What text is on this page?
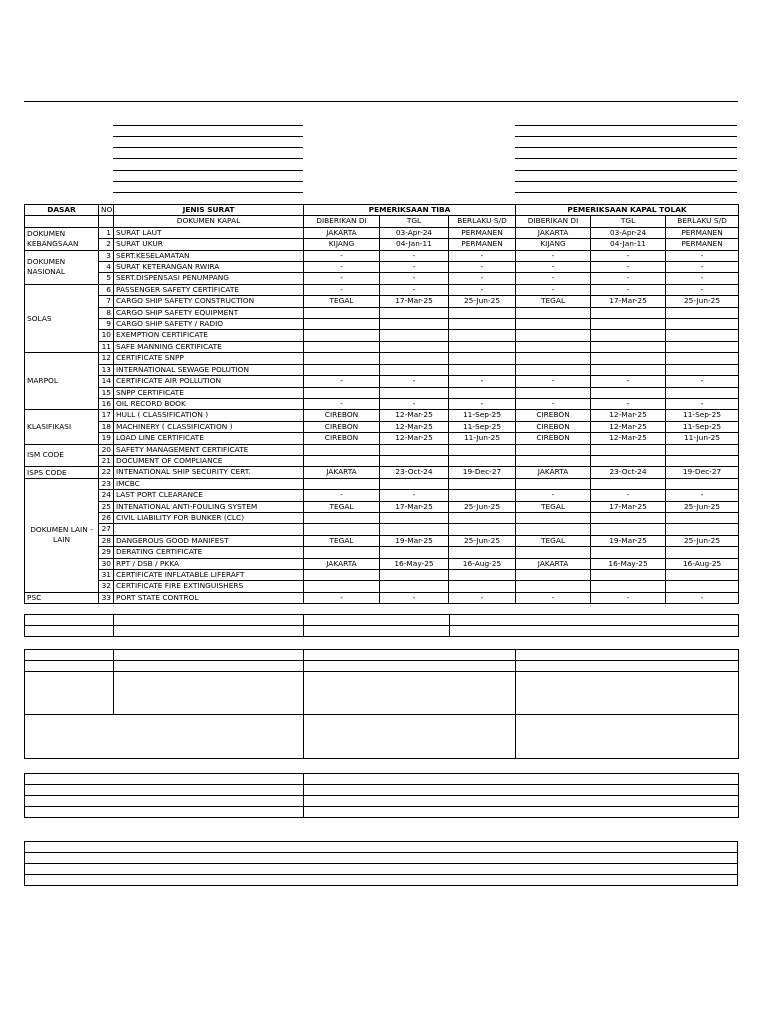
DASAR	NO	JENIS SURAT	PEMERIKSAAN TIBA			PEMERIKSAAN KAPAL TOLAK		
		DOKUMEN KAPAL	DIBERIKAN DI	TGL	BERLAKU S/D	DIBERIKAN DI	TGL	BERLAKU S/D

DOKUMEN
KEBANGSAAN	1	SURAT LAUT	JAKARTA	03-Apr-24	PERMANEN	JAKARTA	03-Apr-24	PERMANEN
	2	SURAT UKUR	KIJANG	04-Jan-11	PERMANEN	KIJANG	04-Jan-11	PERMANEN

DOKUMEN
NASIONAL	3	SERT.KESELAMATAN	-	-	-	-	-	-
	4	SURAT KETERANGAN RWIRA	-	-	-	-	-	-
	5	SERT.DISPENSASI PENUMPANG	-	-	-	-	-	-

SOLAS	6	PASSENGER SAFETY CERTIFICATE	-	-	-	-	-	-
	7	CARGO SHIP SAFETY CONSTRUCTION	TEGAL	17-Mar-25	25-Jun-25	TEGAL	17-Mar-25	25-Jun-25
	8	CARGO SHIP SAFETY EQUIPMENT						
	9	CARGO SHIP SAFETY / RADIO						
	10	EXEMPTION CERTIFICATE						
	11	SAFE MANNING CERTIFICATE						

MARPOL	12	CERTIFICATE SNPP						
	13	INTERNATIONAL SEWAGE POLUTION						
	14	CERTIFICATE AIR POLLUTION	-	-	-	-	-	-
	15	SNPP CERTIFICATE						
	16	OIL RECORD BOOK	-	-	-	-	-	-

KLASIFIKASI	17	HULL ( CLASSIFICATION )	CIREBON	12-Mar-25	11-Sep-25	CIREBON	12-Mar-25	11-Sep-25
	18	MACHINERY ( CLASSIFICATION )	CIREBON	12-Mar-25	11-Sep-25	CIREBON	12-Mar-25	11-Sep-25
	19	LOAD LINE CERTIFICATE	CIREBON	12-Mar-25	11-Jun-25	CIREBON	12-Mar-25	11-Jun-25

ISM CODE	20	SAFETY MANAGEMENT CERTIFICATE						
	21	DOCUMENT OF COMPLIANCE						

ISPS CODE	22	INTENATIONAL SHIP SECURITY CERT.	JAKARTA	23-Oct-24	19-Dec-27	JAKARTA	23-Oct-24	19-Dec-27

DOKUMEN LAIN -
LAIN	23	IMCBC						
	24	LAST PORT CLEARANCE	-	-		-	-	-
	25	INTENATIONAL ANTI-FOULING SYSTEM	TEGAL	17-Mar-25	25-Jun-25	TEGAL	17-Mar-25	25-Jun-25
	26	CIVIL LIABILITY FOR BUNKER (CLC)						
	27							
	28	DANGEROUS GOOD MANIFEST	TEGAL	19-Mar-25	25-Jun-25	TEGAL	19-Mar-25	25-Jun-25
	29	DERATING CERTIFICATE						
	30	RPT / DSB / PKKA	JAKARTA	16-May-25	16-Aug-25	JAKARTA	16-May-25	16-Aug-25
	31	CERTIFICATE INFLATABLE LIFERAFT						
	32	CERTIFICATE FIRE EXTINGUISHERS						

PSC	33	PORT STATE CONTROL	-	-	-	-	-	-
